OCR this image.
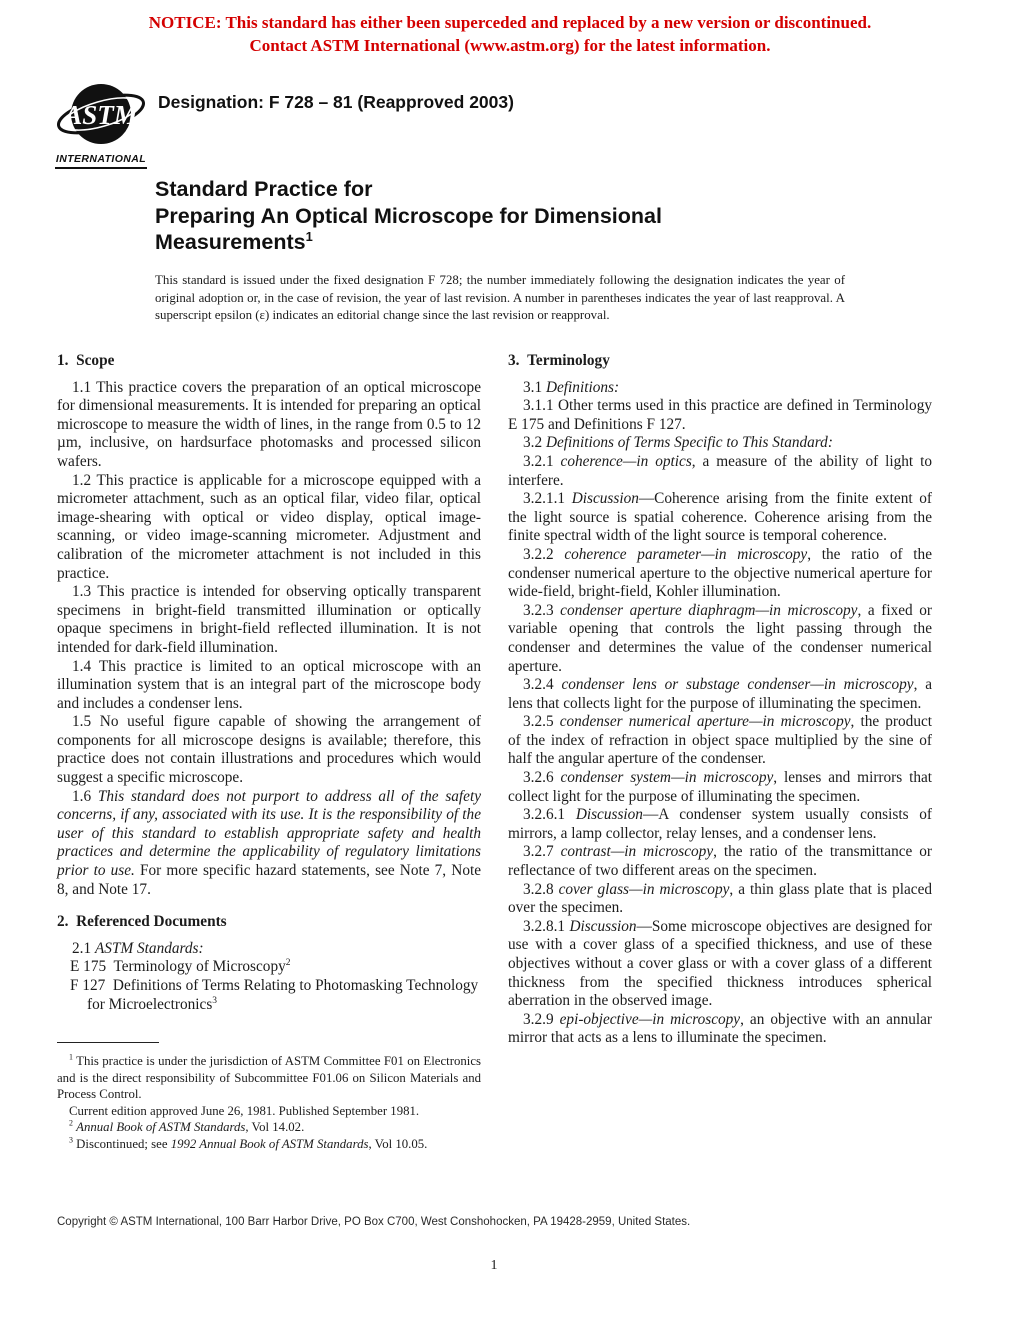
NOTICE: This standard has either been superceded and replaced by a new version or discontinued.
Contact ASTM International (www.astm.org) for the latest information.
ASTM
INTERNATIONAL
Designation: F 728 – 81 (Reapproved 2003)
Standard Practice for
Preparing An Optical Microscope for Dimensional
Measurements$^1$
This standard is issued under the fixed designation F 728; the number immediately following the designation indicates the year of original adoption or, in the case of revision, the year of last revision. A number in parentheses indicates the year of last reapproval. A superscript epsilon (ε) indicates an editorial change since the last revision or reapproval.
1.  Scope
1.1 This practice covers the preparation of an optical microscope for dimensional measurements. It is intended for preparing an optical microscope to measure the width of lines, in the range from 0.5 to 12 µm, inclusive, on hardsurface photomasks and processed silicon wafers.
1.2 This practice is applicable for a microscope equipped with a micrometer attachment, such as an optical filar, video filar, optical image-shearing with optical or video display, optical image-scanning, or video image-scanning micrometer. Adjustment and calibration of the micrometer attachment is not included in this practice.
1.3 This practice is intended for observing optically transparent specimens in bright-field transmitted illumination or optically opaque specimens in bright-field reflected illumination. It is not intended for dark-field illumination.
1.4 This practice is limited to an optical microscope with an illumination system that is an integral part of the microscope body and includes a condenser lens.
1.5 No useful figure capable of showing the arrangement of components for all microscope designs is available; therefore, this practice does not contain illustrations and procedures which would suggest a specific microscope.
1.6 This standard does not purport to address all of the safety concerns, if any, associated with its use. It is the responsibility of the user of this standard to establish appropriate safety and health practices and determine the applicability of regulatory limitations prior to use. For more specific hazard statements, see Note 7, Note 8, and Note 17.
2.  Referenced Documents
2.1 ASTM Standards:
E 175  Terminology of Microscopy$^2$
F 127  Definitions of Terms Relating to Photomasking Technology for Microelectronics$^3$
3.  Terminology
3.1 Definitions:
3.1.1 Other terms used in this practice are defined in Terminology E 175 and Definitions F 127.
3.2 Definitions of Terms Specific to This Standard:
3.2.1 coherence—in optics, a measure of the ability of light to interfere.
3.2.1.1 Discussion—Coherence arising from the finite extent of the light source is spatial coherence. Coherence arising from the finite spectral width of the light source is temporal coherence.
3.2.2 coherence parameter—in microscopy, the ratio of the condenser numerical aperture to the objective numerical aperture for wide-field, bright-field, Kohler illumination.
3.2.3 condenser aperture diaphragm—in microscopy, a fixed or variable opening that controls the light passing through the condenser and determines the value of the condenser numerical aperture.
3.2.4 condenser lens or substage condenser—in microscopy, a lens that collects light for the purpose of illuminating the specimen.
3.2.5 condenser numerical aperture—in microscopy, the product of the index of refraction in object space multiplied by the sine of half the angular aperture of the condenser.
3.2.6 condenser system—in microscopy, lenses and mirrors that collect light for the purpose of illuminating the specimen.
3.2.6.1 Discussion—A condenser system usually consists of mirrors, a lamp collector, relay lenses, and a condenser lens.
3.2.7 contrast—in microscopy, the ratio of the transmittance or reflectance of two different areas on the specimen.
3.2.8 cover glass—in microscopy, a thin glass plate that is placed over the specimen.
3.2.8.1 Discussion—Some microscope objectives are designed for use with a cover glass of a specified thickness, and use of these objectives without a cover glass or with a cover glass of a different thickness from the specified thickness introduces spherical aberration in the observed image.
3.2.9 epi-objective—in microscopy, an objective with an annular mirror that acts as a lens to illuminate the specimen.
$^1$ This practice is under the jurisdiction of ASTM Committee F01 on Electronics and is the direct responsibility of Subcommittee F01.06 on Silicon Materials and Process Control.
Current edition approved June 26, 1981. Published September 1981.
$^2$ Annual Book of ASTM Standards, Vol 14.02.
$^3$ Discontinued; see 1992 Annual Book of ASTM Standards, Vol 10.05.
Copyright © ASTM International, 100 Barr Harbor Drive, PO Box C700, West Conshohocken, PA 19428-2959, United States.
1
